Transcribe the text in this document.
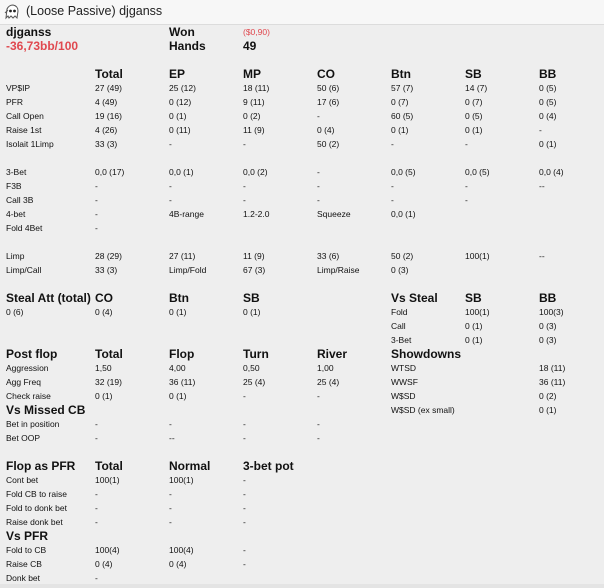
(Loose Passive) djganss
djganss
-36,73bb/100
Won	($0,90)
Hands	49
Total	EP	MP	CO	Btn	SB	BB
VP$IP	27 (49)	25 (12)	18 (11)	50 (6)	57 (7)	14 (7)	0 (5)
PFR	4 (49)	0 (12)	9 (11)	17 (6)	0 (7)	0 (7)	0 (5)
Call Open	19 (16)	0 (1)	0 (2)	-	60 (5)	0 (5)	0 (4)
Raise 1st	4 (26)	0 (11)	11 (9)	0 (4)	0 (1)	0 (1)	-
Isolait 1Limp	33 (3)	-	-	50 (2)	-	-	0 (1)
3-Bet	0,0 (17)	0,0 (1)	0,0 (2)	-	0,0 (5)	0,0 (5)	0,0 (4)
F3B	-	-	-	-	-	-	--
Call 3B	-	-	-	-	-	-
4-bet	-	4B-range	1.2-2.0	Squeeze	0,0 (1)
Fold 4Bet	-
Limp	28 (29)	27 (11)	11 (9)	33 (6)	50 (2)	100(1)	--
Limp/Call	33 (3)	Limp/Fold	67 (3)	Limp/Raise	0 (3)
Steal Att (total) CO	Btn	SB
0 (6)	0 (4)	0 (1)	0 (1)
Vs Steal SB	BB
Fold	100(1)	100(3)
Call	0 (1)	0 (3)
3-Bet	0 (1)	0 (3)
Post flop	Total	Flop	Turn	River
Aggression	1,50	4,00	0,50	1,00
Agg Freq	32 (19)	36 (11)	25 (4)	25 (4)
Check raise	0 (1)	0 (1)	-	-
Showdowns
WTSD	18 (11)
WWSF	36 (11)
W$SD	0 (2)
W$SD (ex small)	0 (1)
Vs Missed CB
Bet in position	-	-	-	-
Bet OOP	-	--	-	-
Flop as PFR Total	Normal	3-bet pot
Cont bet	100(1)	100(1)	-
Fold CB to raise	-	-	-
Fold to donk bet	-	-	-
Raise donk bet	-	-	-
Vs PFR
Fold to CB	100(4)	100(4)	-
Raise CB	0 (4)	0 (4)	-
Donk bet	-
